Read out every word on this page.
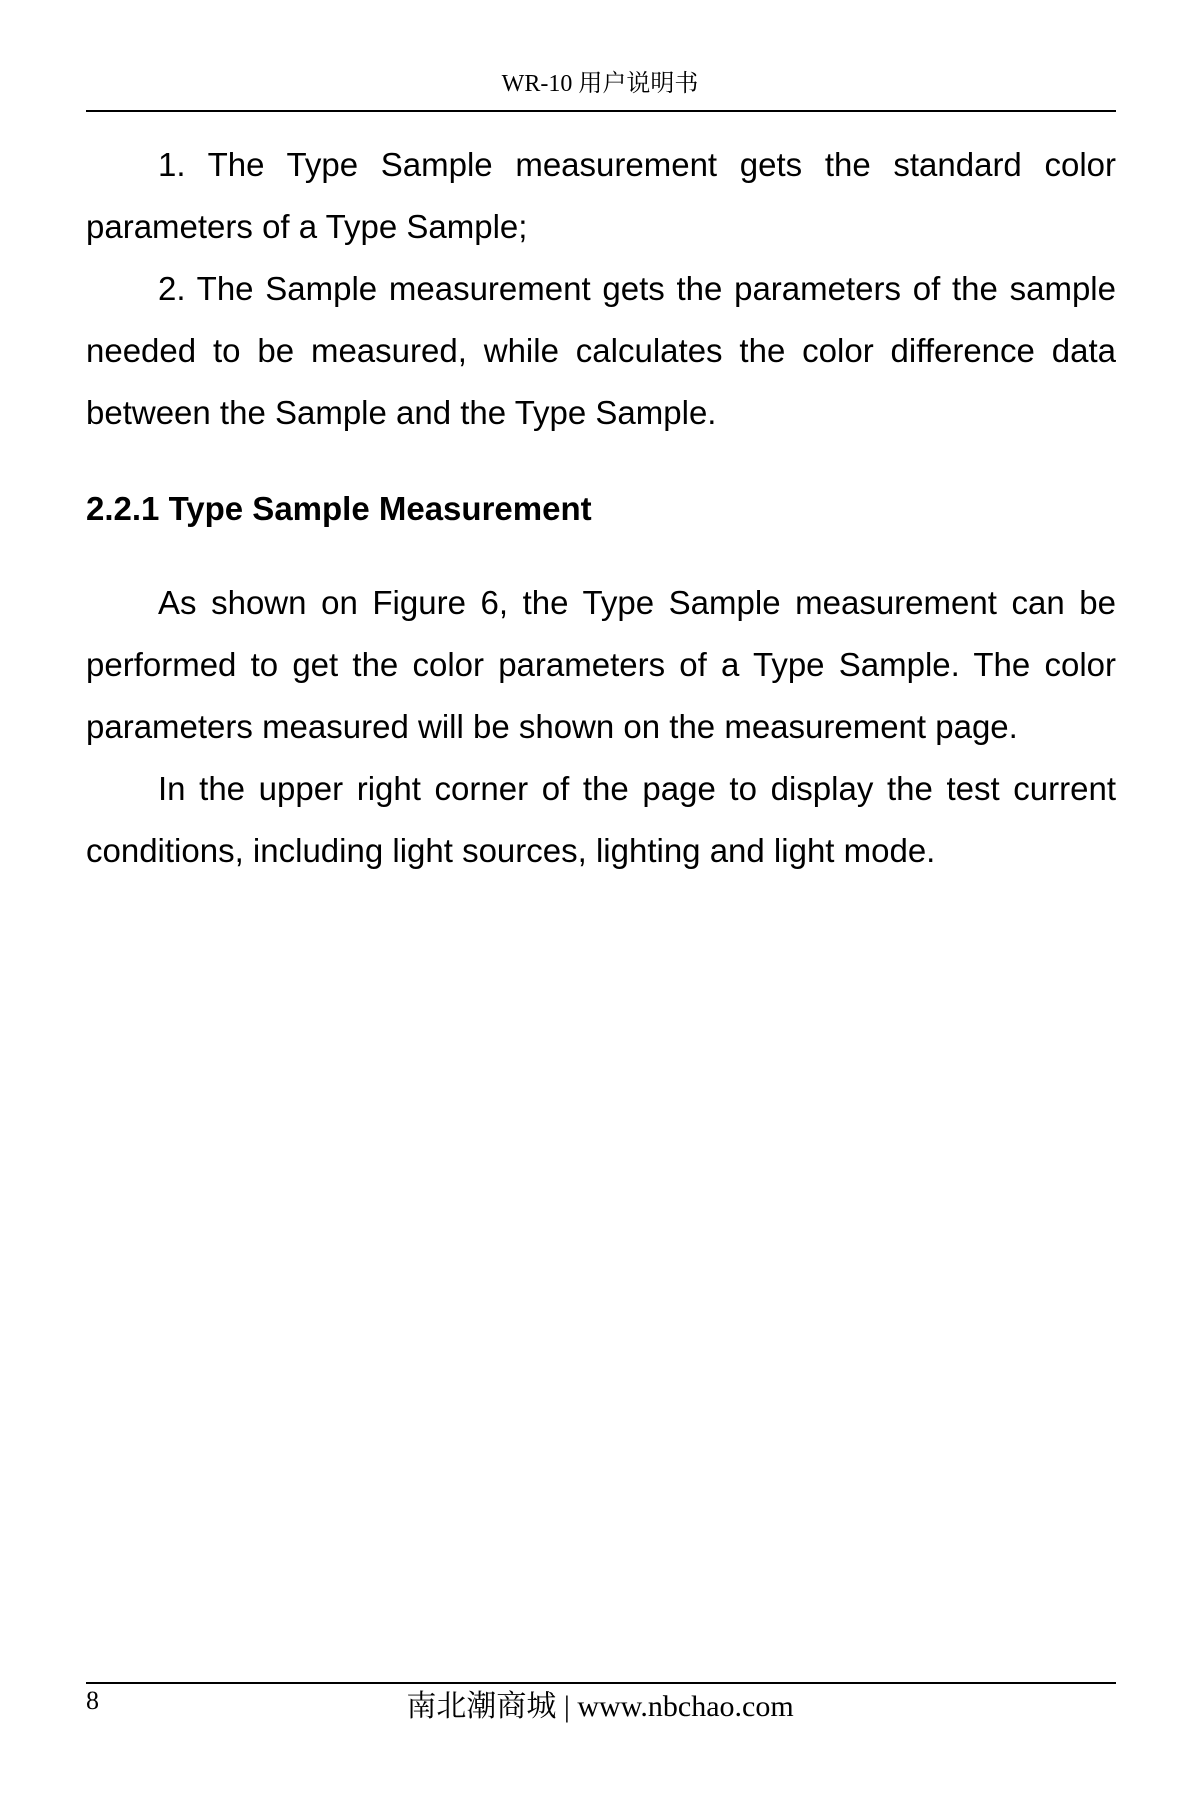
WR-10 用户说明书

1. The Type Sample measurement gets the standard color parameters of a Type Sample;

2. The Sample measurement gets the parameters of the sample needed to be measured, while calculates the color difference data between the Sample and the Type Sample.

2.2.1 Type Sample Measurement

As shown on Figure 6, the Type Sample measurement can be performed to get the color parameters of a Type Sample. The color parameters measured will be shown on the measurement page.

In the upper right corner of the page to display the test current conditions, including light sources, lighting and light mode.

8	南北潮商城 | www.nbchao.com
